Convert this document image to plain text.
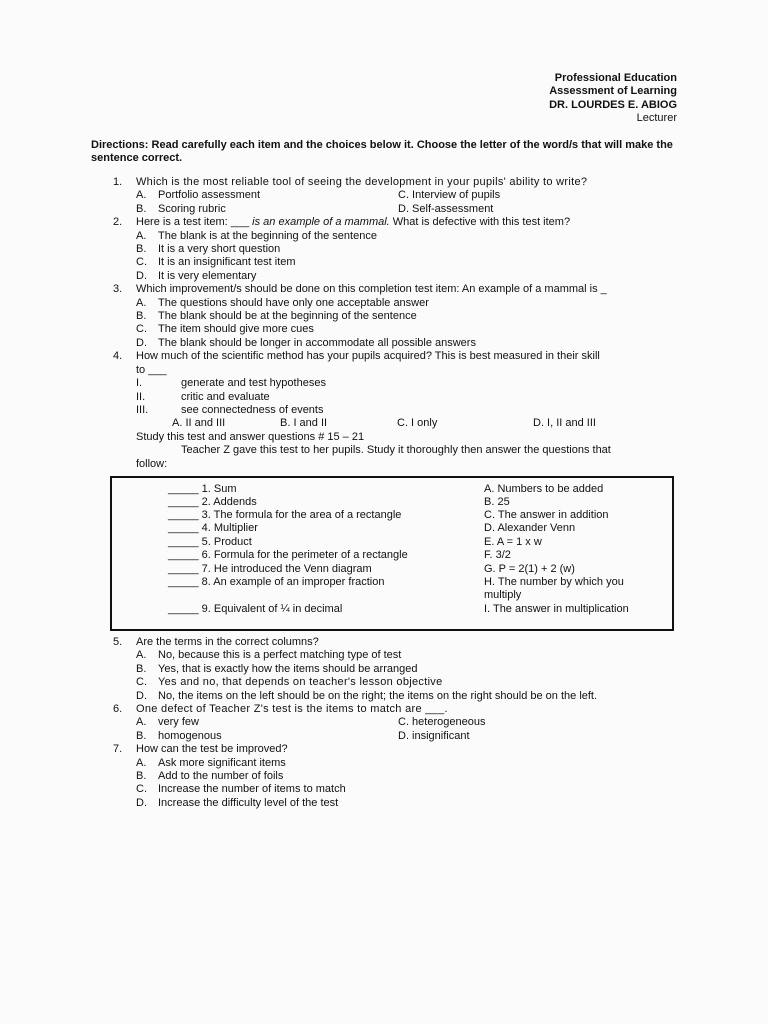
Professional Education
Assessment of Learning
DR. LOURDES E. ABIOG
Lecturer
Directions: Read carefully each item and the choices below it. Choose the letter of the word/s that will make the sentence correct.
1. Which is the most reliable tool of seeing the development in your pupils' ability to write?
A. Portfolio assessment	C. Interview of pupils
B. Scoring rubric	D. Self-assessment
2. Here is a test item: ___ is an example of a mammal. What is defective with this test item?
A. The blank is at the beginning of the sentence
B. It is a very short question
C. It is an insignificant test item
D. It is very elementary
3. Which improvement/s should be done on this completion test item: An example of a mammal is _
A. The questions should have only one acceptable answer
B. The blank should be at the beginning of the sentence
C. The item should give more cues
D. The blank should be longer in accommodate all possible answers
4. How much of the scientific method has your pupils acquired? This is best measured in their skill
to ___
I.	generate and test hypotheses
II.	critic and evaluate
III.	see connectedness of events
A. II and III	B. I and II	C. I only	D. I, II and III
Study this test and answer questions # 15 – 21
Teacher Z gave this test to her pupils. Study it thoroughly then answer the questions that
follow:
_____ 1. Sum	A. Numbers to be added
_____ 2. Addends	B. 25
_____ 3. The formula for the area of a rectangle	C. The answer in addition
_____ 4. Multiplier	D. Alexander Venn
_____ 5. Product	E. A = 1 x w
_____ 6. Formula for the perimeter of a rectangle	F. 3/2
_____ 7. He introduced the Venn diagram	G. P = 2(1) + 2 (w)
_____ 8. An example of an improper fraction	H. The number by which you multiply
_____ 9. Equivalent of ¼ in decimal	I. The answer in multiplication
5. Are the terms in the correct columns?
A. No, because this is a perfect matching type of test
B. Yes, that is exactly how the items should be arranged
C. Yes and no, that depends on teacher's lesson objective
D. No, the items on the left should be on the right; the items on the right should be on the left.
6. One defect of Teacher Z's test is the items to match are ___.
A. very few	C. heterogeneous
B. homogenous	D. insignificant
7. How can the test be improved?
A. Ask more significant items
B. Add to the number of foils
C. Increase the number of items to match
D. Increase the difficulty level of the test
